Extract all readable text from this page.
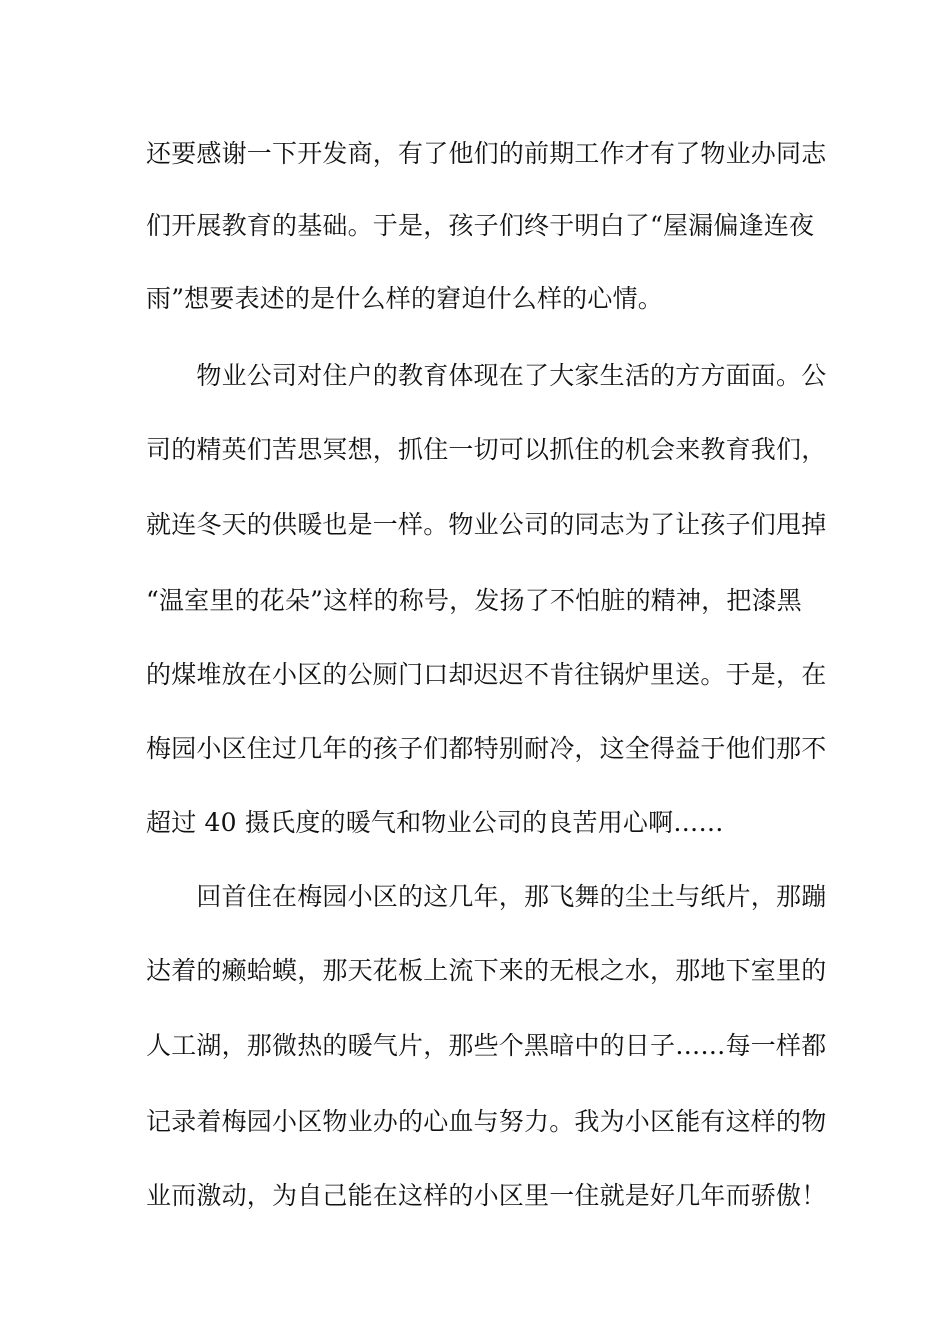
还要感谢一下开发商，有了他们的前期工作才有了物业办同志
们开展教育的基础。于是，孩子们终于明白了“屋漏偏逢连夜
雨”想要表述的是什么样的窘迫什么样的心情。
　　物业公司对住户的教育体现在了大家生活的方方面面。公
司的精英们苦思冥想，抓住一切可以抓住的机会来教育我们，
就连冬天的供暖也是一样。物业公司的同志为了让孩子们甩掉
“温室里的花朵”这样的称号，发扬了不怕脏的精神，把漆黑
的煤堆放在小区的公厕门口却迟迟不肯往锅炉里送。于是，在
梅园小区住过几年的孩子们都特别耐冷，这全得益于他们那不
超过 40 摄氏度的暖气和物业公司的良苦用心啊……
　　回首住在梅园小区的这几年，那飞舞的尘土与纸片，那蹦
达着的癞蛤蟆，那天花板上流下来的无根之水，那地下室里的
人工湖，那微热的暖气片，那些个黑暗中的日子……每一样都
记录着梅园小区物业办的心血与努力。我为小区能有这样的物
业而激动，为自己能在这样的小区里一住就是好几年而骄傲！
